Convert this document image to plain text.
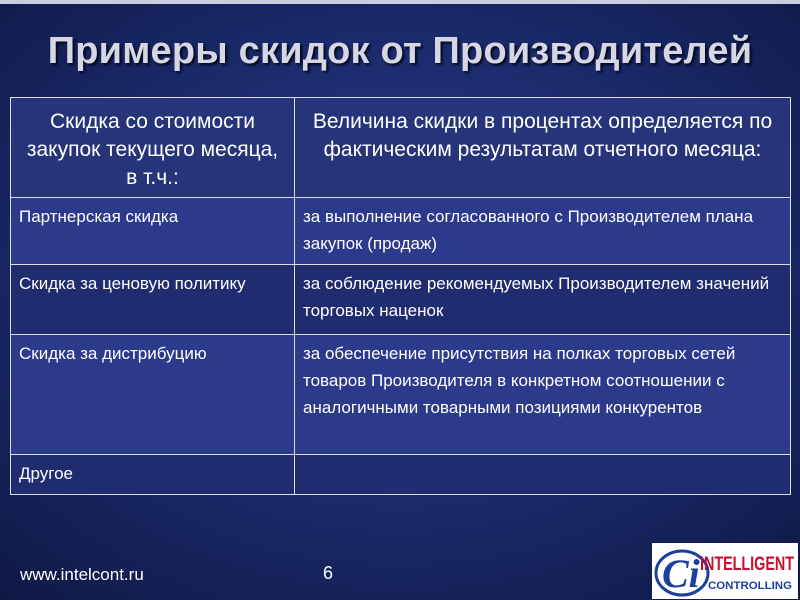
Примеры скидок от Производителей
Скидка со стоимости закупок текущего месяца, в т.ч.:	Величина скидки в процентах определяется по фактическим результатам отчетного месяца:
Партнерская скидка	за выполнение согласованного с Производителем плана закупок (продаж)
Скидка за ценовую политику	за соблюдение рекомендуемых Производителем значений торговых наценок
Скидка за дистрибуцию	за обеспечение присутствия на полках торговых сетей товаров Производителя в конкретном соотношении с аналогичными товарными позициями конкурентов
Другое	
www.intelcont.ru	6	Ci INTELLIGENT
CONTROLLING
